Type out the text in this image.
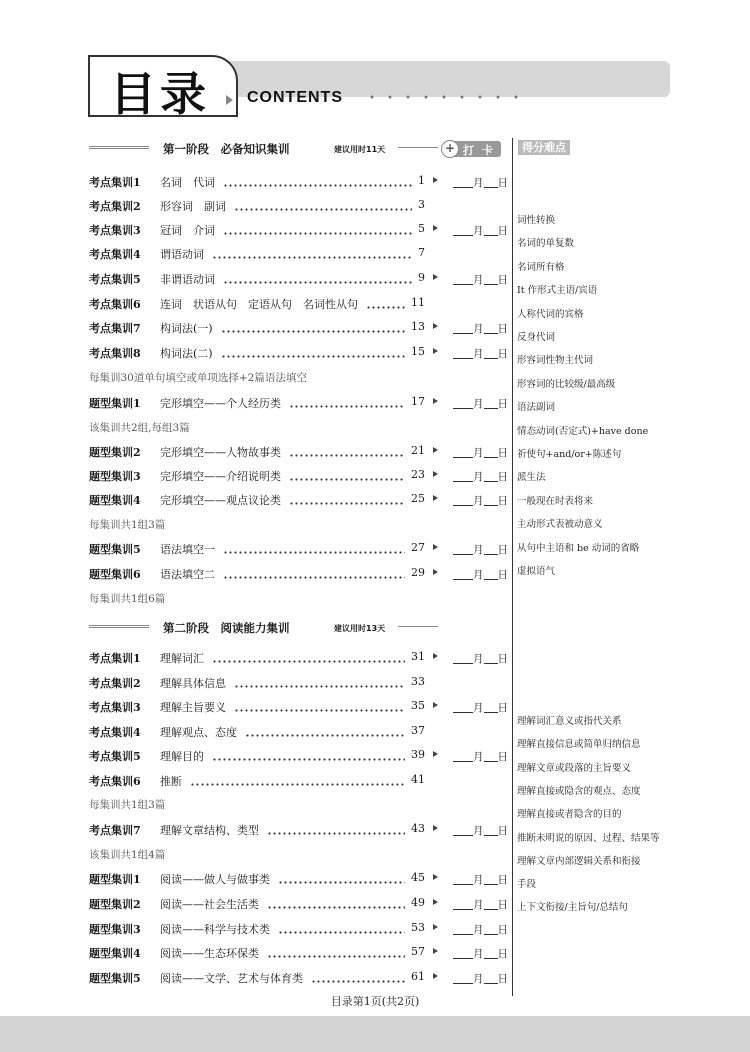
目录 CONTENTS
得分难点
第一阶段　必备知识集训	建议用时11天	+ 打 卡
第二阶段　阅读能力集训	建议用时13天
考点集训1 名词　代词	1	月 日
考点集训2 形容词　副词	3
考点集训3 冠词　介词	5	月 日
考点集训4 谓语动词	7
考点集训5 非谓语动词	9	月 日
考点集训6 连词　状语从句　定语从句　名词性从句	11
考点集训7 构词法(一)	13	月 日
考点集训8 构词法(二)	15	月 日
每集训30道单句填空或单项选择+2篇语法填空
题型集训1 完形填空——个人经历类	17	月 日
该集训共2组,每组3篇
题型集训2 完形填空——人物故事类	21	月 日
题型集训3 完形填空——介绍说明类	23	月 日
题型集训4 完形填空——观点议论类	25	月 日
每集训共1组3篇
题型集训5 语法填空一	27	月 日
题型集训6 语法填空二	29	月 日
每集训共1组6篇
考点集训1 理解词汇	31	月 日
考点集训2 理解具体信息	33
考点集训3 理解主旨要义	35	月 日
考点集训4 理解观点、态度	37
考点集训5 理解目的	39	月 日
考点集训6 推断	41
每集训共1组3篇
考点集训7 理解文章结构、类型	43	月 日
该集训共1组4篇
题型集训1 阅读——做人与做事类	45	月 日
题型集训2 阅读——社会生活类	49	月 日
题型集训3 阅读——科学与技术类	53	月 日
题型集训4 阅读——生态环保类	57	月 日
题型集训5 阅读——文学、艺术与体育类	61	月 日
词性转换
名词的单复数
名词所有格
It 作形式主语/宾语
人称代词的宾格
反身代词
形容词性物主代词
形容词的比较级/最高级
语法副词
情态动词(否定式)+have done
祈使句+and/or+陈述句
派生法
一般现在时表将来
主动形式表被动意义
从句中主语和 be 动词的省略
虚拟语气
理解词汇意义或指代关系
理解直接信息或简单归纳信息
理解文章或段落的主旨要义
理解直接或隐含的观点、态度
理解直接或者隐含的目的
推断未明说的原因、过程、结果等
理解文章内部逻辑关系和衔接
手段
上下文衔接/主旨句/总结句
目录第1页(共2页)
